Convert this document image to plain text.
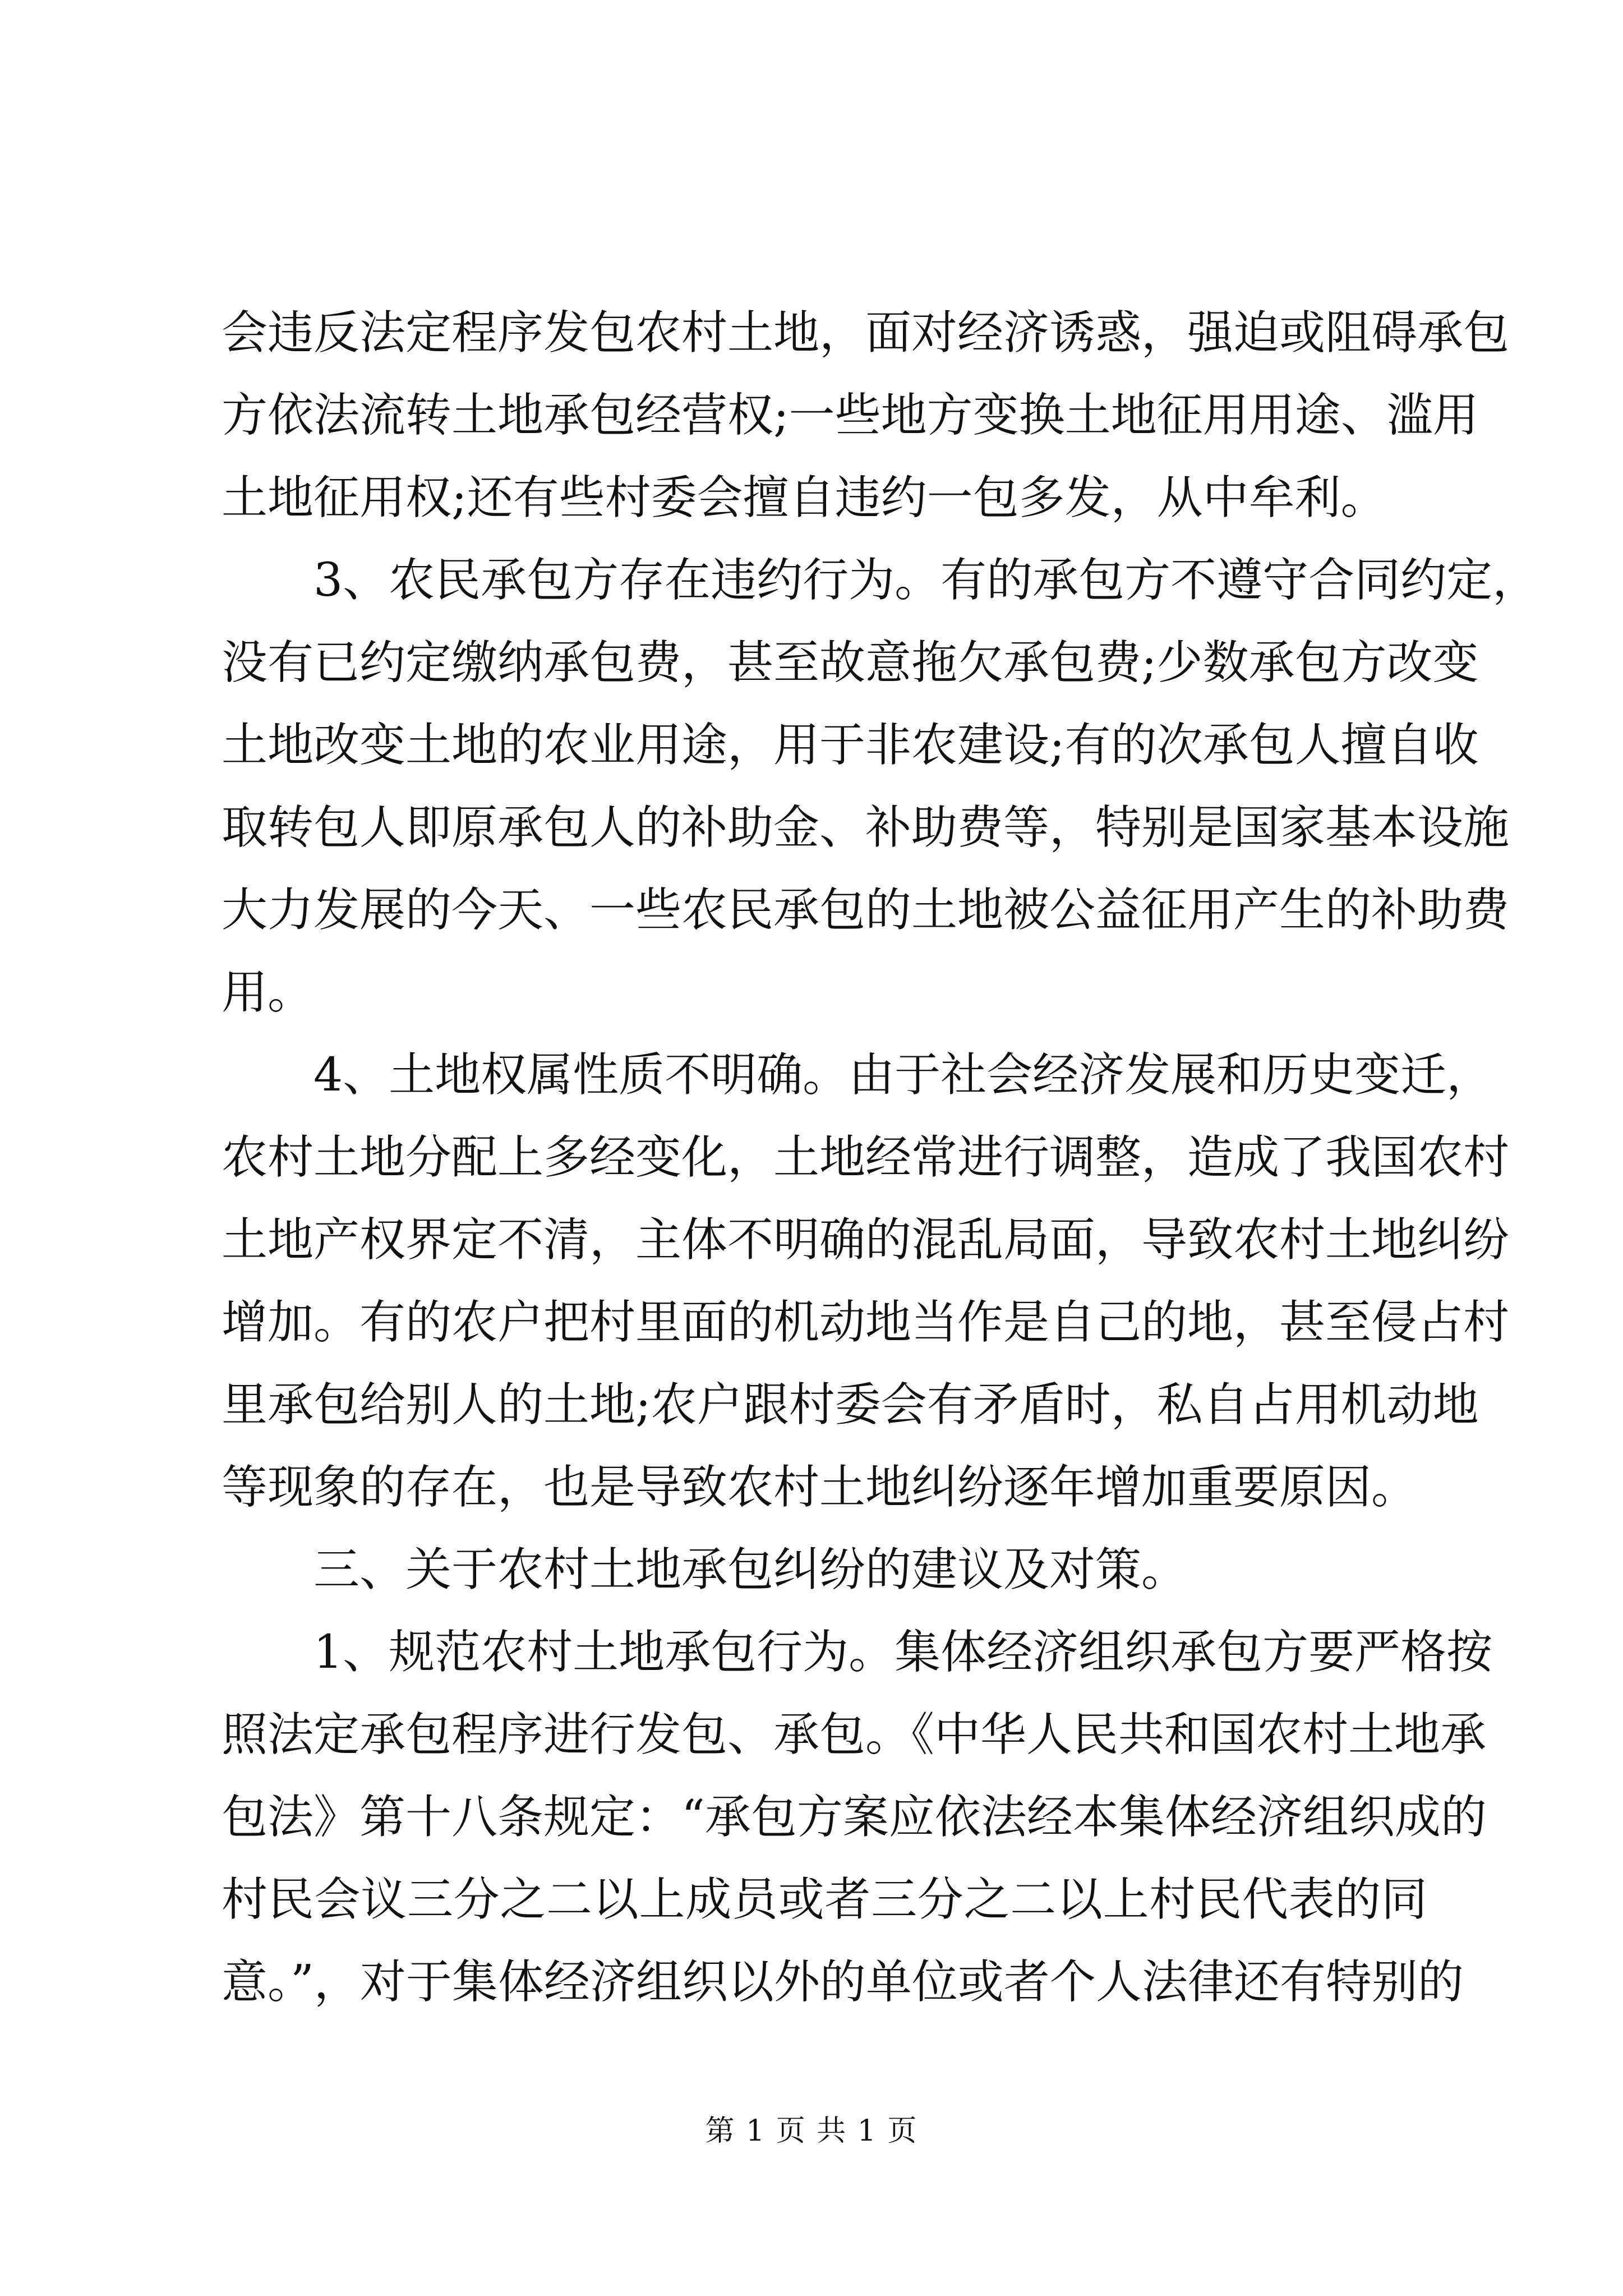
会违反法定程序发包农村土地，面对经济诱惑，强迫或阻碍承包
方依法流转土地承包经营权;一些地方变换土地征用用途、滥用
土地征用权;还有些村委会擅自违约一包多发，从中牟利。
3、农民承包方存在违约行为。有的承包方不遵守合同约定，
没有已约定缴纳承包费，甚至故意拖欠承包费;少数承包方改变
土地改变土地的农业用途，用于非农建设;有的次承包人擅自收
取转包人即原承包人的补助金、补助费等，特别是国家基本设施
大力发展的今天、一些农民承包的土地被公益征用产生的补助费
用。
4、土地权属性质不明确。由于社会经济发展和历史变迁，
农村土地分配上多经变化，土地经常进行调整，造成了我国农村
土地产权界定不清，主体不明确的混乱局面，导致农村土地纠纷
增加。有的农户把村里面的机动地当作是自己的地，甚至侵占村
里承包给别人的土地;农户跟村委会有矛盾时，私自占用机动地
等现象的存在，也是导致农村土地纠纷逐年增加重要原因。
三、关于农村土地承包纠纷的建议及对策。
1、规范农村土地承包行为。集体经济组织承包方要严格按
照法定承包程序进行发包、承包。《中华人民共和国农村土地承
包法》第十八条规定：“承包方案应依法经本集体经济组织成的
村民会议三分之二以上成员或者三分之二以上村民代表的同
意。”，对于集体经济组织以外的单位或者个人法律还有特别的
第 1 页 共 1 页
